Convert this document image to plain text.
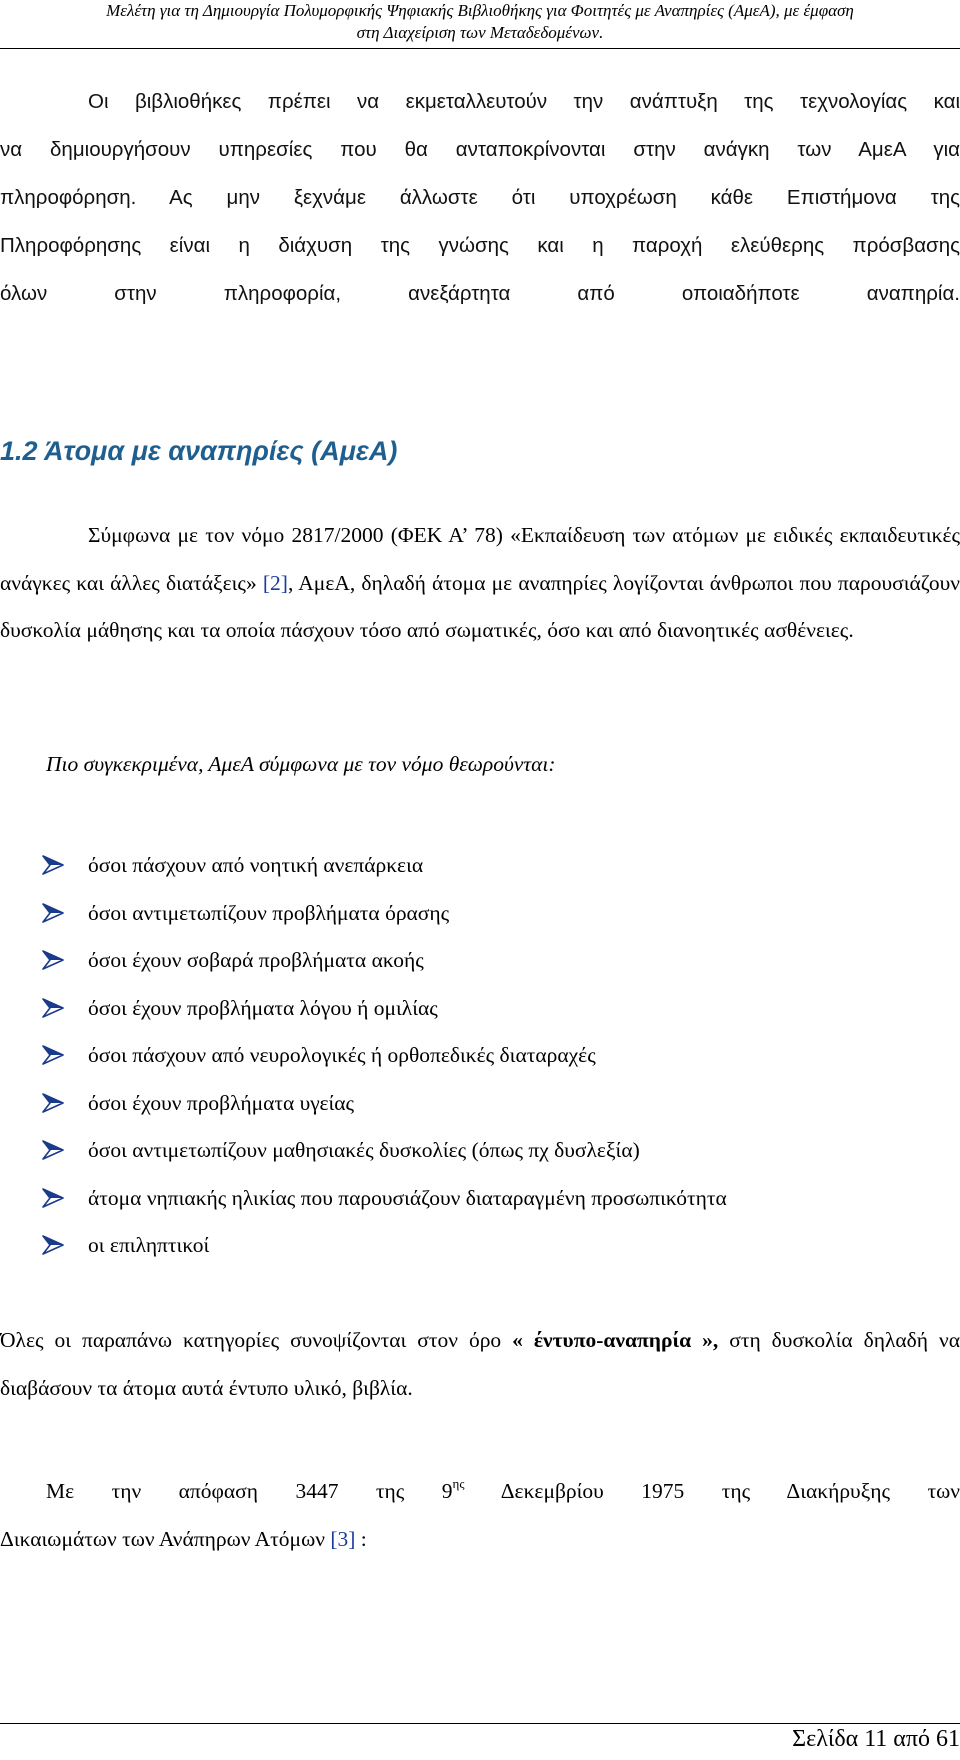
Μελέτη για τη Δημιουργία Πολυμορφικής Ψηφιακής Βιβλιοθήκης για Φοιτητές με Αναπηρίες (ΑμεΑ), με έμφαση
στη Διαχείριση των Μεταδεδομένων.

Οι βιβλιοθήκες πρέπει να εκμεταλλευτούν την ανάπτυξη της τεχνολογίας και

να δημιουργήσουν υπηρεσίες που θα ανταποκρίνονται στην ανάγκη των ΑμεΑ για

πληροφόρηση. Ας μην ξεχνάμε άλλωστε ότι υποχρέωση κάθε Επιστήμονα της

Πληροφόρησης είναι η διάχυση της γνώσης και η παροχή ελεύθερης πρόσβασης

όλων στην πληροφορία, ανεξάρτητα από οποιαδήποτε αναπηρία.

1.2 Άτομα με αναπηρίες (ΑμεΑ)

Σύμφωνα με τον νόμο 2817/2000 (ΦΕΚ Α’ 78) «Εκπαίδευση των ατόμων με ειδικές εκπαιδευτικές ανάγκες και άλλες διατάξεις» [2], ΑμεΑ, δηλαδή άτομα με αναπηρίες λογίζονται άνθρωποι που παρουσιάζουν δυσκολία μάθησης και τα οποία πάσχουν τόσο από σωματικές, όσο και από διανοητικές ασθένειες.

Πιο συγκεκριμένα, ΑμεΑ σύμφωνα με τον νόμο θεωρούνται:

όσοι πάσχουν από νοητική ανεπάρκεια
όσοι αντιμετωπίζουν προβλήματα όρασης
όσοι έχουν σοβαρά προβλήματα ακοής
όσοι έχουν προβλήματα λόγου ή ομιλίας
όσοι πάσχουν από νευρολογικές ή ορθοπεδικές διαταραχές
όσοι έχουν προβλήματα υγείας
όσοι αντιμετωπίζουν μαθησιακές δυσκολίες (όπως πχ δυσλεξία)
άτομα νηπιακής ηλικίας που παρουσιάζουν διαταραγμένη προσωπικότητα
οι επιληπτικοί

Όλες οι παραπάνω κατηγορίες συνοψίζονται στον όρο « έντυπο-αναπηρία », στη δυσκολία δηλαδή να διαβάσουν τα άτομα αυτά έντυπο υλικό, βιβλία.

Με την απόφαση 3447 της $9^{\eta\varsigma}$ Δεκεμβρίου 1975 της Διακήρυξης των
Δικαιωμάτων των Ανάπηρων Ατόμων [3] :

Σελίδα 11 από 61
